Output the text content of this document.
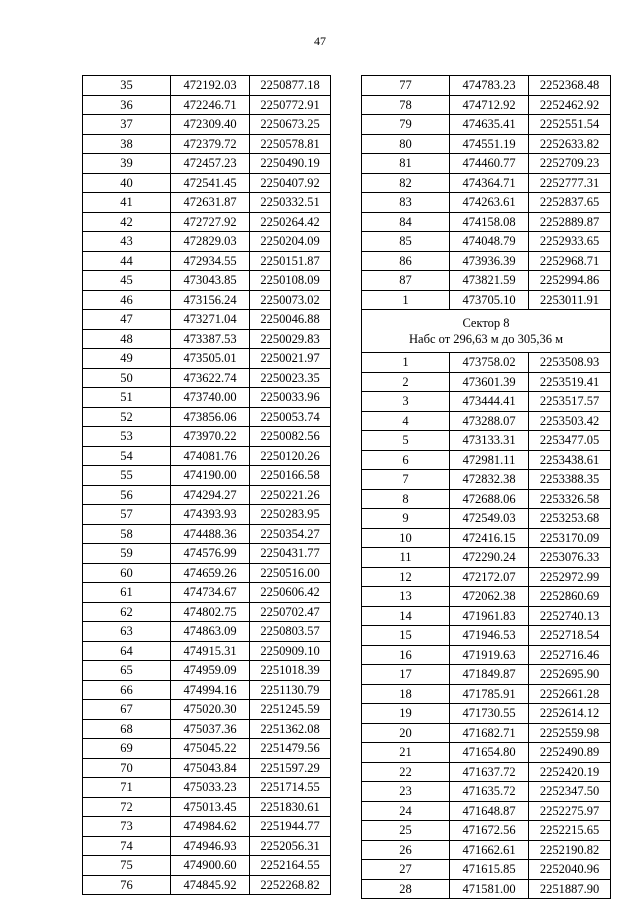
47
35	472192.03	2250877.18
36	472246.71	2250772.91
37	472309.40	2250673.25
38	472379.72	2250578.81
39	472457.23	2250490.19
40	472541.45	2250407.92
41	472631.87	2250332.51
42	472727.92	2250264.42
43	472829.03	2250204.09
44	472934.55	2250151.87
45	473043.85	2250108.09
46	473156.24	2250073.02
47	473271.04	2250046.88
48	473387.53	2250029.83
49	473505.01	2250021.97
50	473622.74	2250023.35
51	473740.00	2250033.96
52	473856.06	2250053.74
53	473970.22	2250082.56
54	474081.76	2250120.26
55	474190.00	2250166.58
56	474294.27	2250221.26
57	474393.93	2250283.95
58	474488.36	2250354.27
59	474576.99	2250431.77
60	474659.26	2250516.00
61	474734.67	2250606.42
62	474802.75	2250702.47
63	474863.09	2250803.57
64	474915.31	2250909.10
65	474959.09	2251018.39
66	474994.16	2251130.79
67	475020.30	2251245.59
68	475037.36	2251362.08
69	475045.22	2251479.56
70	475043.84	2251597.29
71	475033.23	2251714.55
72	475013.45	2251830.61
73	474984.62	2251944.77
74	474946.93	2252056.31
75	474900.60	2252164.55
76	474845.92	2252268.82
77	474783.23	2252368.48
78	474712.92	2252462.92
79	474635.41	2252551.54
80	474551.19	2252633.82
81	474460.77	2252709.23
82	474364.71	2252777.31
83	474263.61	2252837.65
84	474158.08	2252889.87
85	474048.79	2252933.65
86	473936.39	2252968.71
87	473821.59	2252994.86
1	473705.10	2253011.91

Сектор 8
Набс от 296,63 м до 305,36 м		

1	473758.02	2253508.93
2	473601.39	2253519.41
3	473444.41	2253517.57
4	473288.07	2253503.42
5	473133.31	2253477.05
6	472981.11	2253438.61
7	472832.38	2253388.35
8	472688.06	2253326.58
9	472549.03	2253253.68
10	472416.15	2253170.09
11	472290.24	2253076.33
12	472172.07	2252972.99
13	472062.38	2252860.69
14	471961.83	2252740.13
15	471946.53	2252718.54
16	471919.63	2252716.46
17	471849.87	2252695.90
18	471785.91	2252661.28
19	471730.55	2252614.12
20	471682.71	2252559.98
21	471654.80	2252490.89
22	471637.72	2252420.19
23	471635.72	2252347.50
24	471648.87	2252275.97
25	471672.56	2252215.65
26	471662.61	2252190.82
27	471615.85	2252040.96
28	471581.00	2251887.90
